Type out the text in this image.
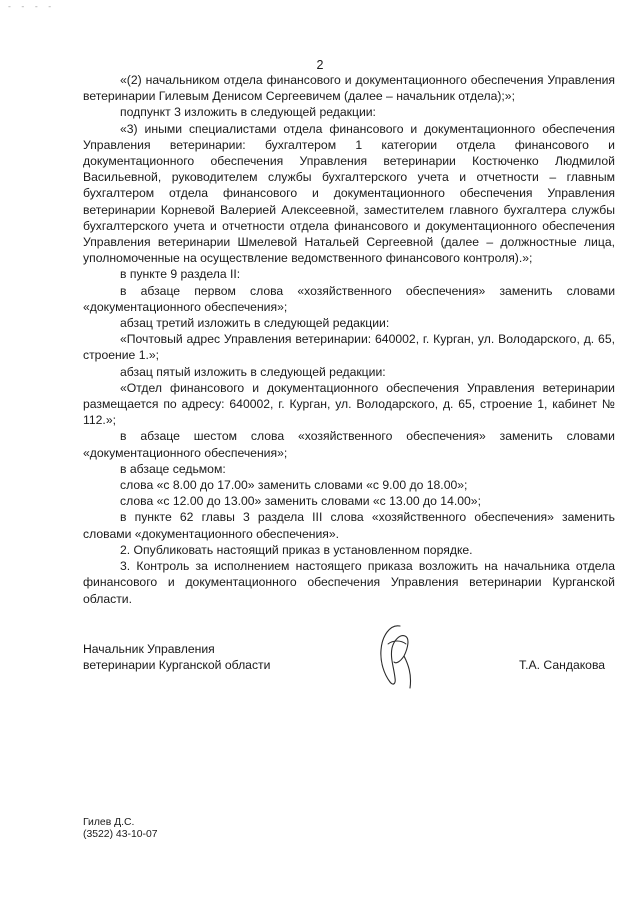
- - - -
2

«(2) начальником отдела финансового и документационного обеспечения Управления ветеринарии Гилевым Денисом Сергеевичем (далее – начальник отдела);»;

подпункт 3 изложить в следующей редакции:

«3) иными специалистами отдела финансового и документационного обеспечения Управления ветеринарии: бухгалтером 1 категории отдела финансового и документационного обеспечения Управления ветеринарии Костюченко Людмилой Васильевной, руководителем службы бухгалтерского учета и отчетности – главным бухгалтером отдела финансового и документационного обеспечения Управления ветеринарии Корневой Валерией Алексеевной, заместителем главного бухгалтера службы бухгалтерского учета и отчетности отдела финансового и документационного обеспечения Управления ветеринарии Шмелевой Натальей Сергеевной (далее – должностные лица, уполномоченные на осуществление ведомственного финансового контроля).»;

в пункте 9 раздела II:

в абзаце первом слова «хозяйственного обеспечения» заменить словами «документационного обеспечения»;

абзац третий изложить в следующей редакции:

«Почтовый адрес Управления ветеринарии: 640002, г. Курган, ул. Володарского, д. 65, строение 1.»;

абзац пятый изложить в следующей редакции:

«Отдел финансового и документационного обеспечения Управления ветеринарии размещается по адресу: 640002, г. Курган, ул. Володарского, д. 65, строение 1, кабинет № 112.»;

в абзаце шестом слова «хозяйственного обеспечения» заменить словами «документационного обеспечения»;

в абзаце седьмом:

слова «с 8.00 до 17.00» заменить словами «с 9.00 до 18.00»;

слова «с 12.00 до 13.00» заменить словами «с 13.00 до 14.00»;

в пункте 62 главы 3 раздела III слова «хозяйственного обеспечения» заменить словами «документационного обеспечения».

2. Опубликовать настоящий приказ в установленном порядке.

3. Контроль за исполнением настоящего приказа возложить на начальника отдела финансового и документационного обеспечения Управления ветеринарии Курганской области.

Начальник Управления
ветеринарии Курганской области	Т.А. Сандакова
Гилев Д.С.
(3522) 43-10-07
